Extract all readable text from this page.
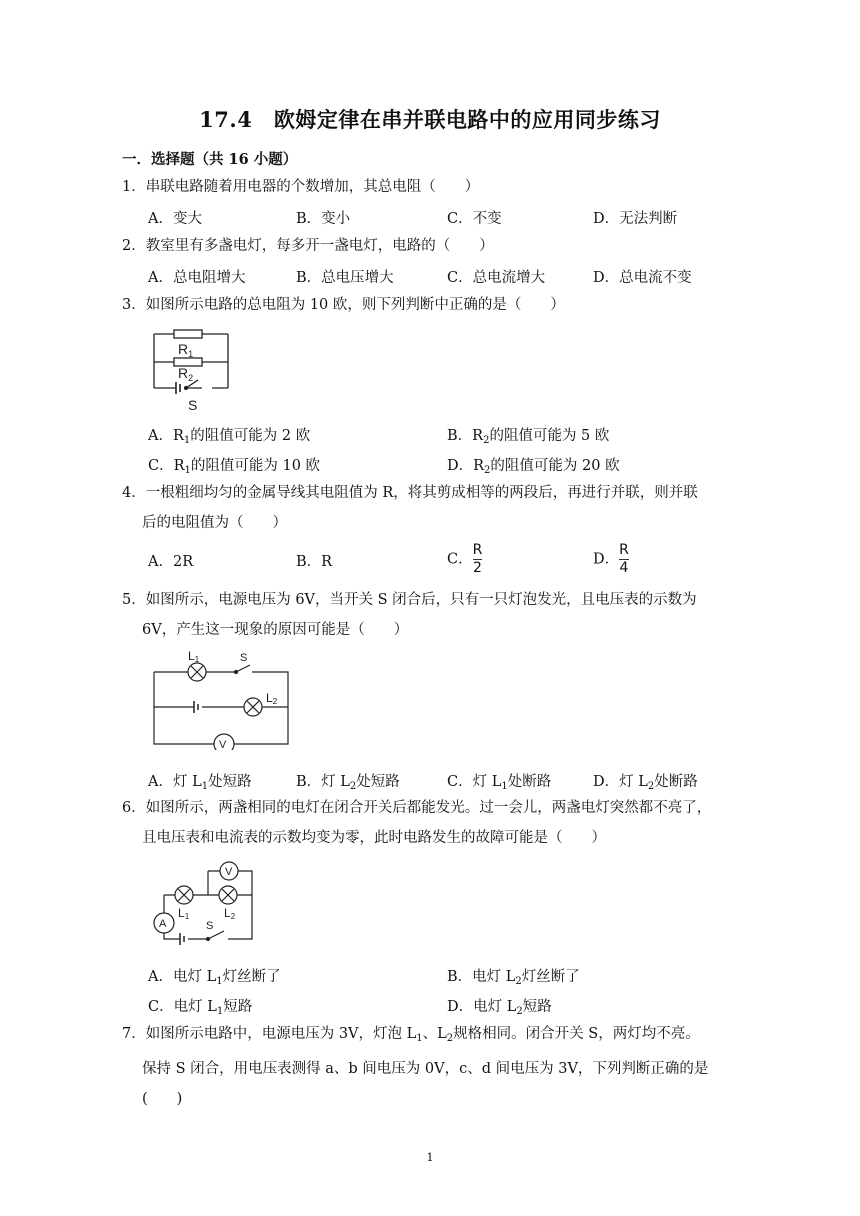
17.4　欧姆定律在串并联电路中的应用同步练习
一．选择题（共 16 小题）
1．串联电路随着用电器的个数增加，其总电阻（　　）
A．变大	B．变小	C．不变	D．无法判断
2．教室里有多盏电灯，每多开一盏电灯，电路的（　　）
A．总电阻增大	B．总电压增大	C．总电流增大	D．总电流不变
3．如图所示电路的总电阻为 10 欧，则下列判断中正确的是（　　）
$R_1$
$R_2$
S
A．$R_1$的阻值可能为 2 欧	B．$R_2$的阻值可能为 5 欧
C．$R_1$的阻值可能为 10 欧	D．$R_2$的阻值可能为 20 欧
4．一根粗细均匀的金属导线其电阻值为 R，将其剪成相等的两段后，再进行并联，则并联
后的电阻值为（　　）
A．2R	B．R	C．$\frac{R}{2}$	D．$\frac{R}{4}$
5．如图所示，电源电压为 6V，当开关 S 闭合后，只有一只灯泡发光，且电压表的示数为
6V，产生这一现象的原因可能是（　　）
L1	S
L2
V
A．灯 $L_1$处短路	B．灯 $L_2$处短路	C．灯 $L_1$处断路	D．灯 $L_2$处断路
6．如图所示，两盏相同的电灯在闭合开关后都能发光。过一会儿，两盏电灯突然都不亮了，
且电压表和电流表的示数均变为零，此时电路发生的故障可能是（　　）
V
A
L1	L2
S
A．电灯 $L_1$灯丝断了	B．电灯 $L_2$灯丝断了
C．电灯 $L_1$短路	D．电灯 $L_2$短路
7．如图所示电路中，电源电压为 3V，灯泡 $L_1$、$L_2$规格相同。闭合开关 S，两灯均不亮。
保持 S 闭合，用电压表测得 a、b 间电压为 0V，c、d 间电压为 3V，下列判断正确的是(　　)
1
